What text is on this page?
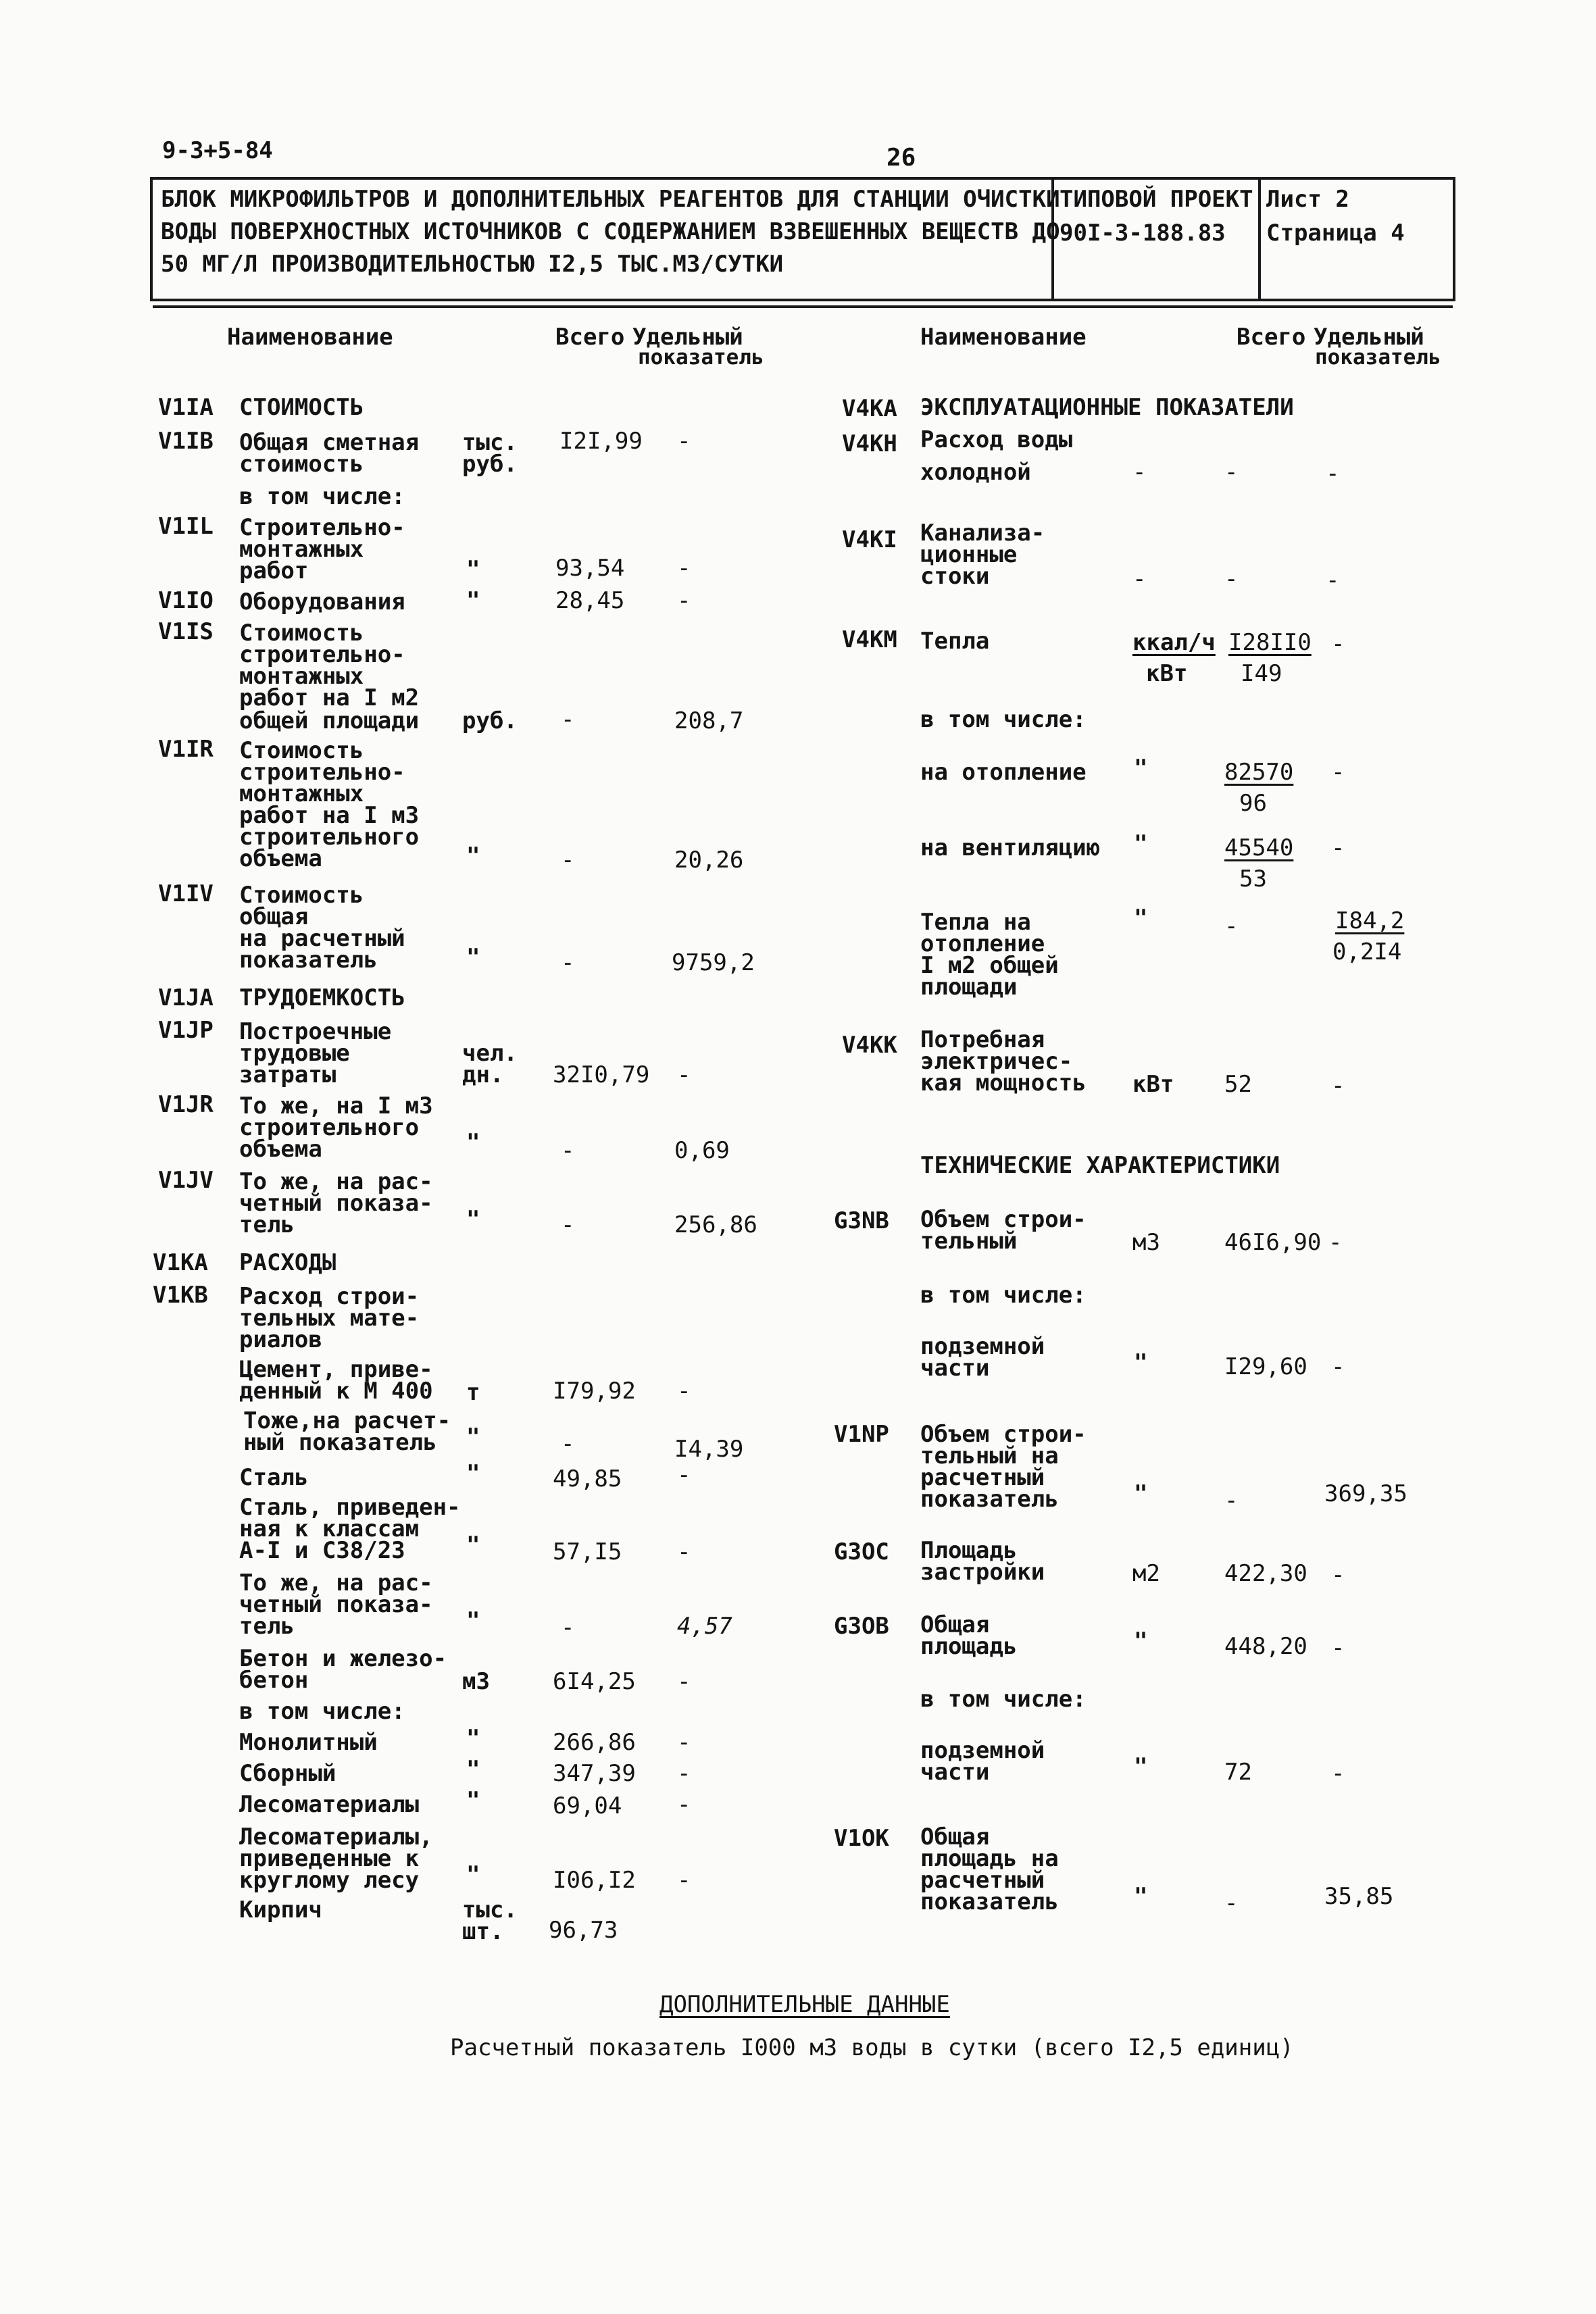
9-3+5-84	26
БЛОК МИКРОФИЛЬТРОВ И ДОПОЛНИТЕЛЬНЫХ РЕАГЕНТОВ ДЛЯ СТАНЦИИ ОЧИСТКИ
ВОДЫ ПОВЕРХНОСТНЫХ ИСТОЧНИКОВ С СОДЕРЖАНИЕМ ВЗВЕШЕННЫХ ВЕЩЕСТВ ДО
50 МГ/Л ПРОИЗВОДИТЕЛЬНОСТЬЮ I2,5 ТЫС.М3/СУТКИ
ТИПОВОЙ ПРОЕКТ
90I-3-188.83
Лист 2
Страница 4
Наименование	Всего Удельный
показатель
Наименование	Всего Удельный
показатель
V1IA СТОИМОСТЬ
V1IB Общая сметная
стоимость
тыс.
руб.
I2I,99 -
в том числе:
V1IL Строительно-
монтажных
работ	"	93,54 -
V1IO Оборудования	"	28,45 -
V1IS Стоимость
строительно-
монтажных
работ на I м2
общей площади руб. -	208,7
V1IR Стоимость
строительно-
монтажных
работ на I м3
строительного
объема	"	-	20,26
V1IV Стоимость
общая
на расчетный
показатель	"	-	9759,2
V1JA ТРУДОЕМКОСТЬ
V1JP Построечные
трудовые
затраты
чел.
дн. 32I0,79 -
V1JR То же, на I м3
строительного
объема	"	-	0,69
V1JV То же, на рас-
четный показа-
тель	"	-	256,86
V1KA РАСХОДЫ
V1KB Расход строи-
тельных мате-
риалов
Цемент, приве-
денный к М 400 т	I79,92 -
Тоже,на расчет-
ный показатель "	-	I4,39
Сталь	"	49,85 -
Сталь, приведен-
ная к классам
А-I и С38/23	"	57,I5 -
То же, на рас-
четный показа-
тель	"	-	4,57
Бетон и железо-
бетон	м3	6I4,25 -
в том числе:
Монолитный	"	266,86 -
Сборный	"	347,39 -
Лесоматериалы "	69,04 -
Лесоматериалы,
приведенные к
круглому лесу "	I06,I2 -
Кирпич	тыс.
шт. 96,73
V4KA ЭКСПЛУАТАЦИОННЫЕ ПОКАЗАТЕЛИ
V4KH Расход воды
холодной	-	-	-
V4KI Канализа-
ционные
стоки	-	-	-
V4KM Тепла	ккал/ч
кВт
I28II0
I49
-
в том числе:
на отопление "	82570
96
-
на вентиляцию "	45540
53
-
Тепла на
отопление
I м2 общей
площади
"	-	I84,2
0,2I4
V4KK Потребная
электричес-
кая мощность кВт 52	-
ТЕХНИЧЕСКИЕ ХАРАКТЕРИСТИКИ
G3NB Объем строи-
тельный	м3	46I6,90 -
в том числе:
подземной
части	"	I29,60 -
V1NP Объем строи-
тельный на
расчетный
показатель	"	-	369,35
G3OC Площадь
застройки	м2	422,30 -
G3OB Общая
площадь	"	448,20 -
в том числе:
подземной
части	"	72	-
V1OK Общая
площадь на
расчетный
показатель	"	-	35,85
ДОПОЛНИТЕЛЬНЫЕ ДАННЫЕ
Расчетный показатель I000 м3 воды в сутки (всего I2,5 единиц)
